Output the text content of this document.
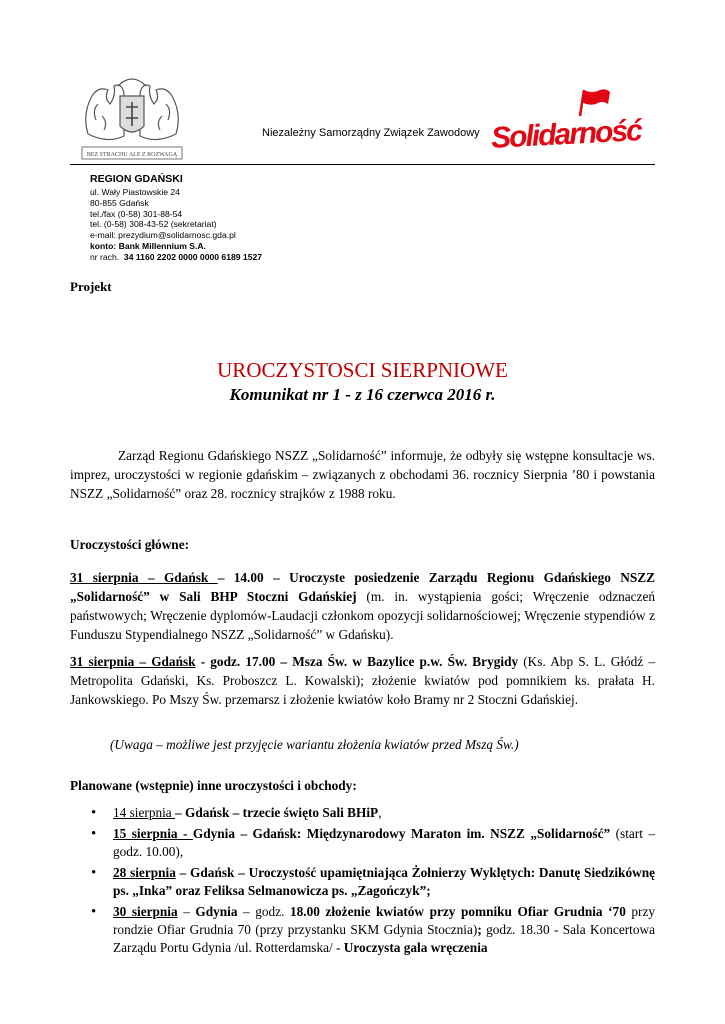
BEZ STRACHU ALE Z ROZWAGĄ
Niezależny Samorządny Związek Zawodowy Solidarność
REGION GDAŃSKI
ul. Wały Piastowskie 24
80-855 Gdańsk
tel./fax (0-58) 301-88-54
tel. (0-58) 308-43-52 (sekretariat)
e-mail: prezydium@solidarnosc.gda.pl
konto: Bank Millennium S.A.
nr rach.  34 1160 2202 0000 0000 6189 1527
Projekt
UROCZYSTOSCI SIERPNIOWE
Komunikat nr 1 - z 16 czerwca 2016 r.

Zarząd Regionu Gdańskiego NSZZ „Solidarność” informuje, że odbyły się wstępne konsultacje ws. imprez, uroczystości w regionie gdańskim – związanych z obchodami 36. rocznicy Sierpnia ’80 i powstania NSZZ „Solidarność” oraz 28. rocznicy strajków z 1988 roku.

Uroczystości główne:

31 sierpnia – Gdańsk – 14.00 – Uroczyste posiedzenie Zarządu Regionu Gdańskiego NSZZ „Solidarność” w Sali BHP Stoczni Gdańskiej (m. in. wystąpienia gości; Wręczenie odznaczeń państwowych; Wręczenie dyplomów-Laudacji członkom opozycji solidarnościowej; Wręczenie stypendiów z Funduszu Stypendialnego NSZZ „Solidarność” w Gdańsku).

31 sierpnia – Gdańsk - godz. 17.00 – Msza Św. w Bazylice p.w. Św. Brygidy (Ks. Abp S. L. Głódź – Metropolita Gdański, Ks. Proboszcz L. Kowalski); złożenie kwiatów pod pomnikiem ks. prałata H. Jankowskiego. Po Mszy Św. przemarsz i złożenie kwiatów koło Bramy nr 2 Stoczni Gdańskiej.

(Uwaga – możliwe jest przyjęcie wariantu złożenia kwiatów przed Mszą Św.)
Planowane (wstępnie) inne uroczystości i obchody:
• 14 sierpnia – Gdańsk – trzecie święto Sali BHiP,
• 15 sierpnia - Gdynia – Gdańsk: Międzynarodowy Maraton im. NSZZ „Solidarność” (start – godz. 10.00),
• 28 sierpnia – Gdańsk – Uroczystość upamiętniająca Żołnierzy Wyklętych: Danutę Siedzikównę ps. „Inka” oraz Feliksa Selmanowicza ps. „Zagończyk”;
• 30 sierpnia – Gdynia – godz. 18.00 złożenie kwiatów przy pomniku Ofiar Grudnia ‘70 przy rondzie Ofiar Grudnia 70 (przy przystanku SKM Gdynia Stocznia); godz. 18.30 - Sala Koncertowa Zarządu Portu Gdynia /ul. Rotterdamska/ - Uroczysta gala wręczenia
